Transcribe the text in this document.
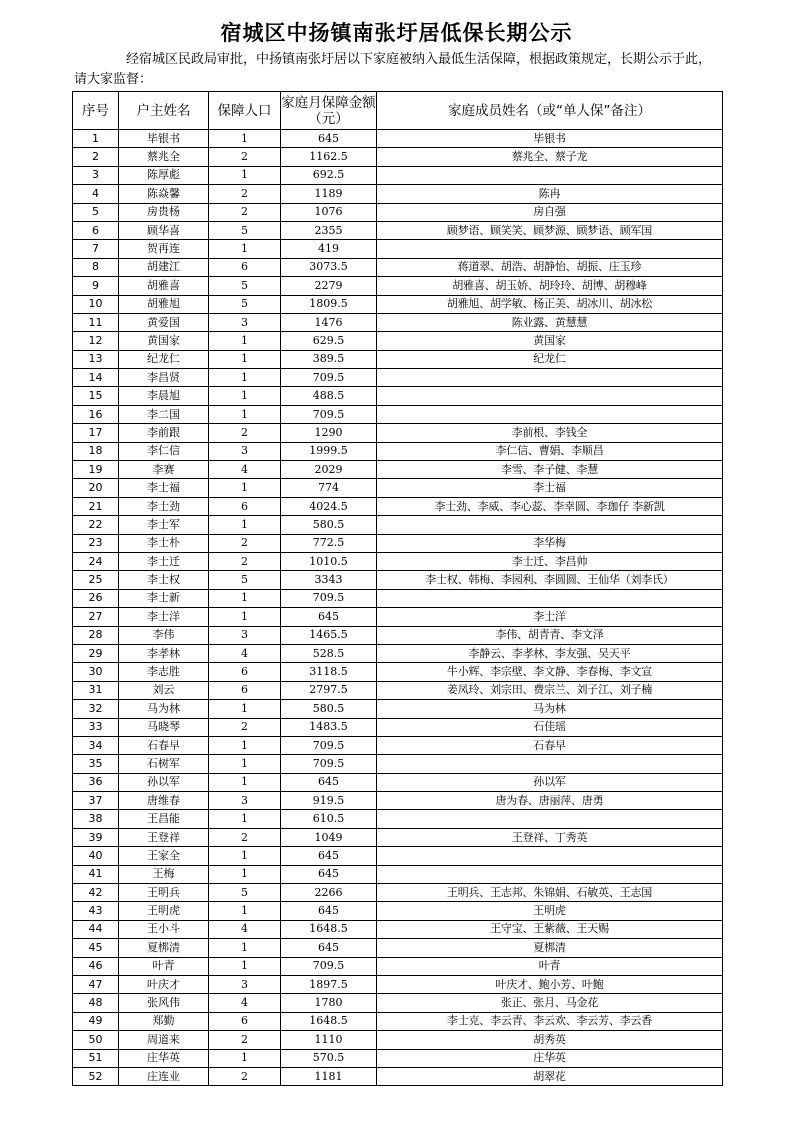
宿城区中扬镇南张圩居低保长期公示

经宿城区民政局审批，中扬镇南张圩居以下家庭被纳入最低生活保障，根据政策规定，长期公示于此，请大家监督：

序号	户主姓名	保障人口	家庭月保障金额（元）	家庭成员姓名（或“单人保”备注）
1	毕银书	1	645	毕银书
2	蔡兆全	2	1162.5	蔡兆全、蔡子龙
3	陈厚彪	1	692.5	
4	陈焱馨	2	1189	陈冉
5	房贵杨	2	1076	房自强
6	顾华喜	5	2355	顾梦语、顾笑笑、顾梦源、顾梦语、顾军国
7	贺再连	1	419	
8	胡建江	6	3073.5	蒋道翠、胡浩、胡静怡、胡振、庄玉珍
9	胡雅喜	5	2279	胡雅喜、胡玉娇、胡玲玲、胡博、胡穆峰
10	胡雅旭	5	1809.5	胡雅旭、胡学敏、杨正美、胡冰川、胡冰松
11	黄爱国	3	1476	陈业露、黄慧慧
12	黄国家	1	629.5	黄国家
13	纪龙仁	1	389.5	纪龙仁
14	李昌贤	1	709.5	
15	李晨旭	1	488.5	
16	李二国	1	709.5	
17	李前跟	2	1290	李前根、李钱全
18	李仁信	3	1999.5	李仁信、曹娟、李顺昌
19	李赛	4	2029	李雪、李子健、李慧
20	李士福	1	774	李士福
21	李士劲	6	4024.5	李士劲、李威、李心蕊、李幸圆、李珈仔 李新凯
22	李士军	1	580.5	
23	李士朴	2	772.5	李华梅
24	李士迁	2	1010.5	李士迁、李昌帅
25	李士权	5	3343	李士权、韩梅、李园利、李圆圆、王仙华（刘李氏）
26	李士新	1	709.5	
27	李士洋	1	645	李士洋
28	李伟	3	1465.5	李伟、胡青青、李文泽
29	李孝林	4	528.5	李静云、李孝林、李友强、吴天平
30	李志胜	6	3118.5	牛小辉、李宗壁、李文静、李春梅、李文宣
31	刘云	6	2797.5	姜凤玲、刘宗田、费宗兰、刘子江、刘子楠
32	马为林	1	580.5	马为林
33	马晓琴	2	1483.5	石佳瑶
34	石春早	1	709.5	石春早
35	石树军	1	709.5	
36	孙以军	1	645	孙以军
37	唐维春	3	919.5	唐为春、唐丽萍、唐勇
38	王昌能	1	610.5	
39	王登祥	2	1049	王登祥、丁秀英
40	王家全	1	645	
41	王梅	1	645	
42	王明兵	5	2266	王明兵、王志邦、朱锦娟、石敏英、王志国
43	王明虎	1	645	王明虎
44	王小斗	4	1648.5	王守宝、王紫薇、王天赐
45	夏梆清	1	645	夏梆清
46	叶青	1	709.5	叶青
47	叶庆才	3	1897.5	叶庆才、鲍小芳、叶鲍
48	张风伟	4	1780	张正、张月、马金花
49	郑勤	6	1648.5	李士克、李云青、李云欢、李云芳、李云香
50	周道来	2	1110	胡秀英
51	庄华英	1	570.5	庄华英
52	庄连业	2	1181	胡翠花
